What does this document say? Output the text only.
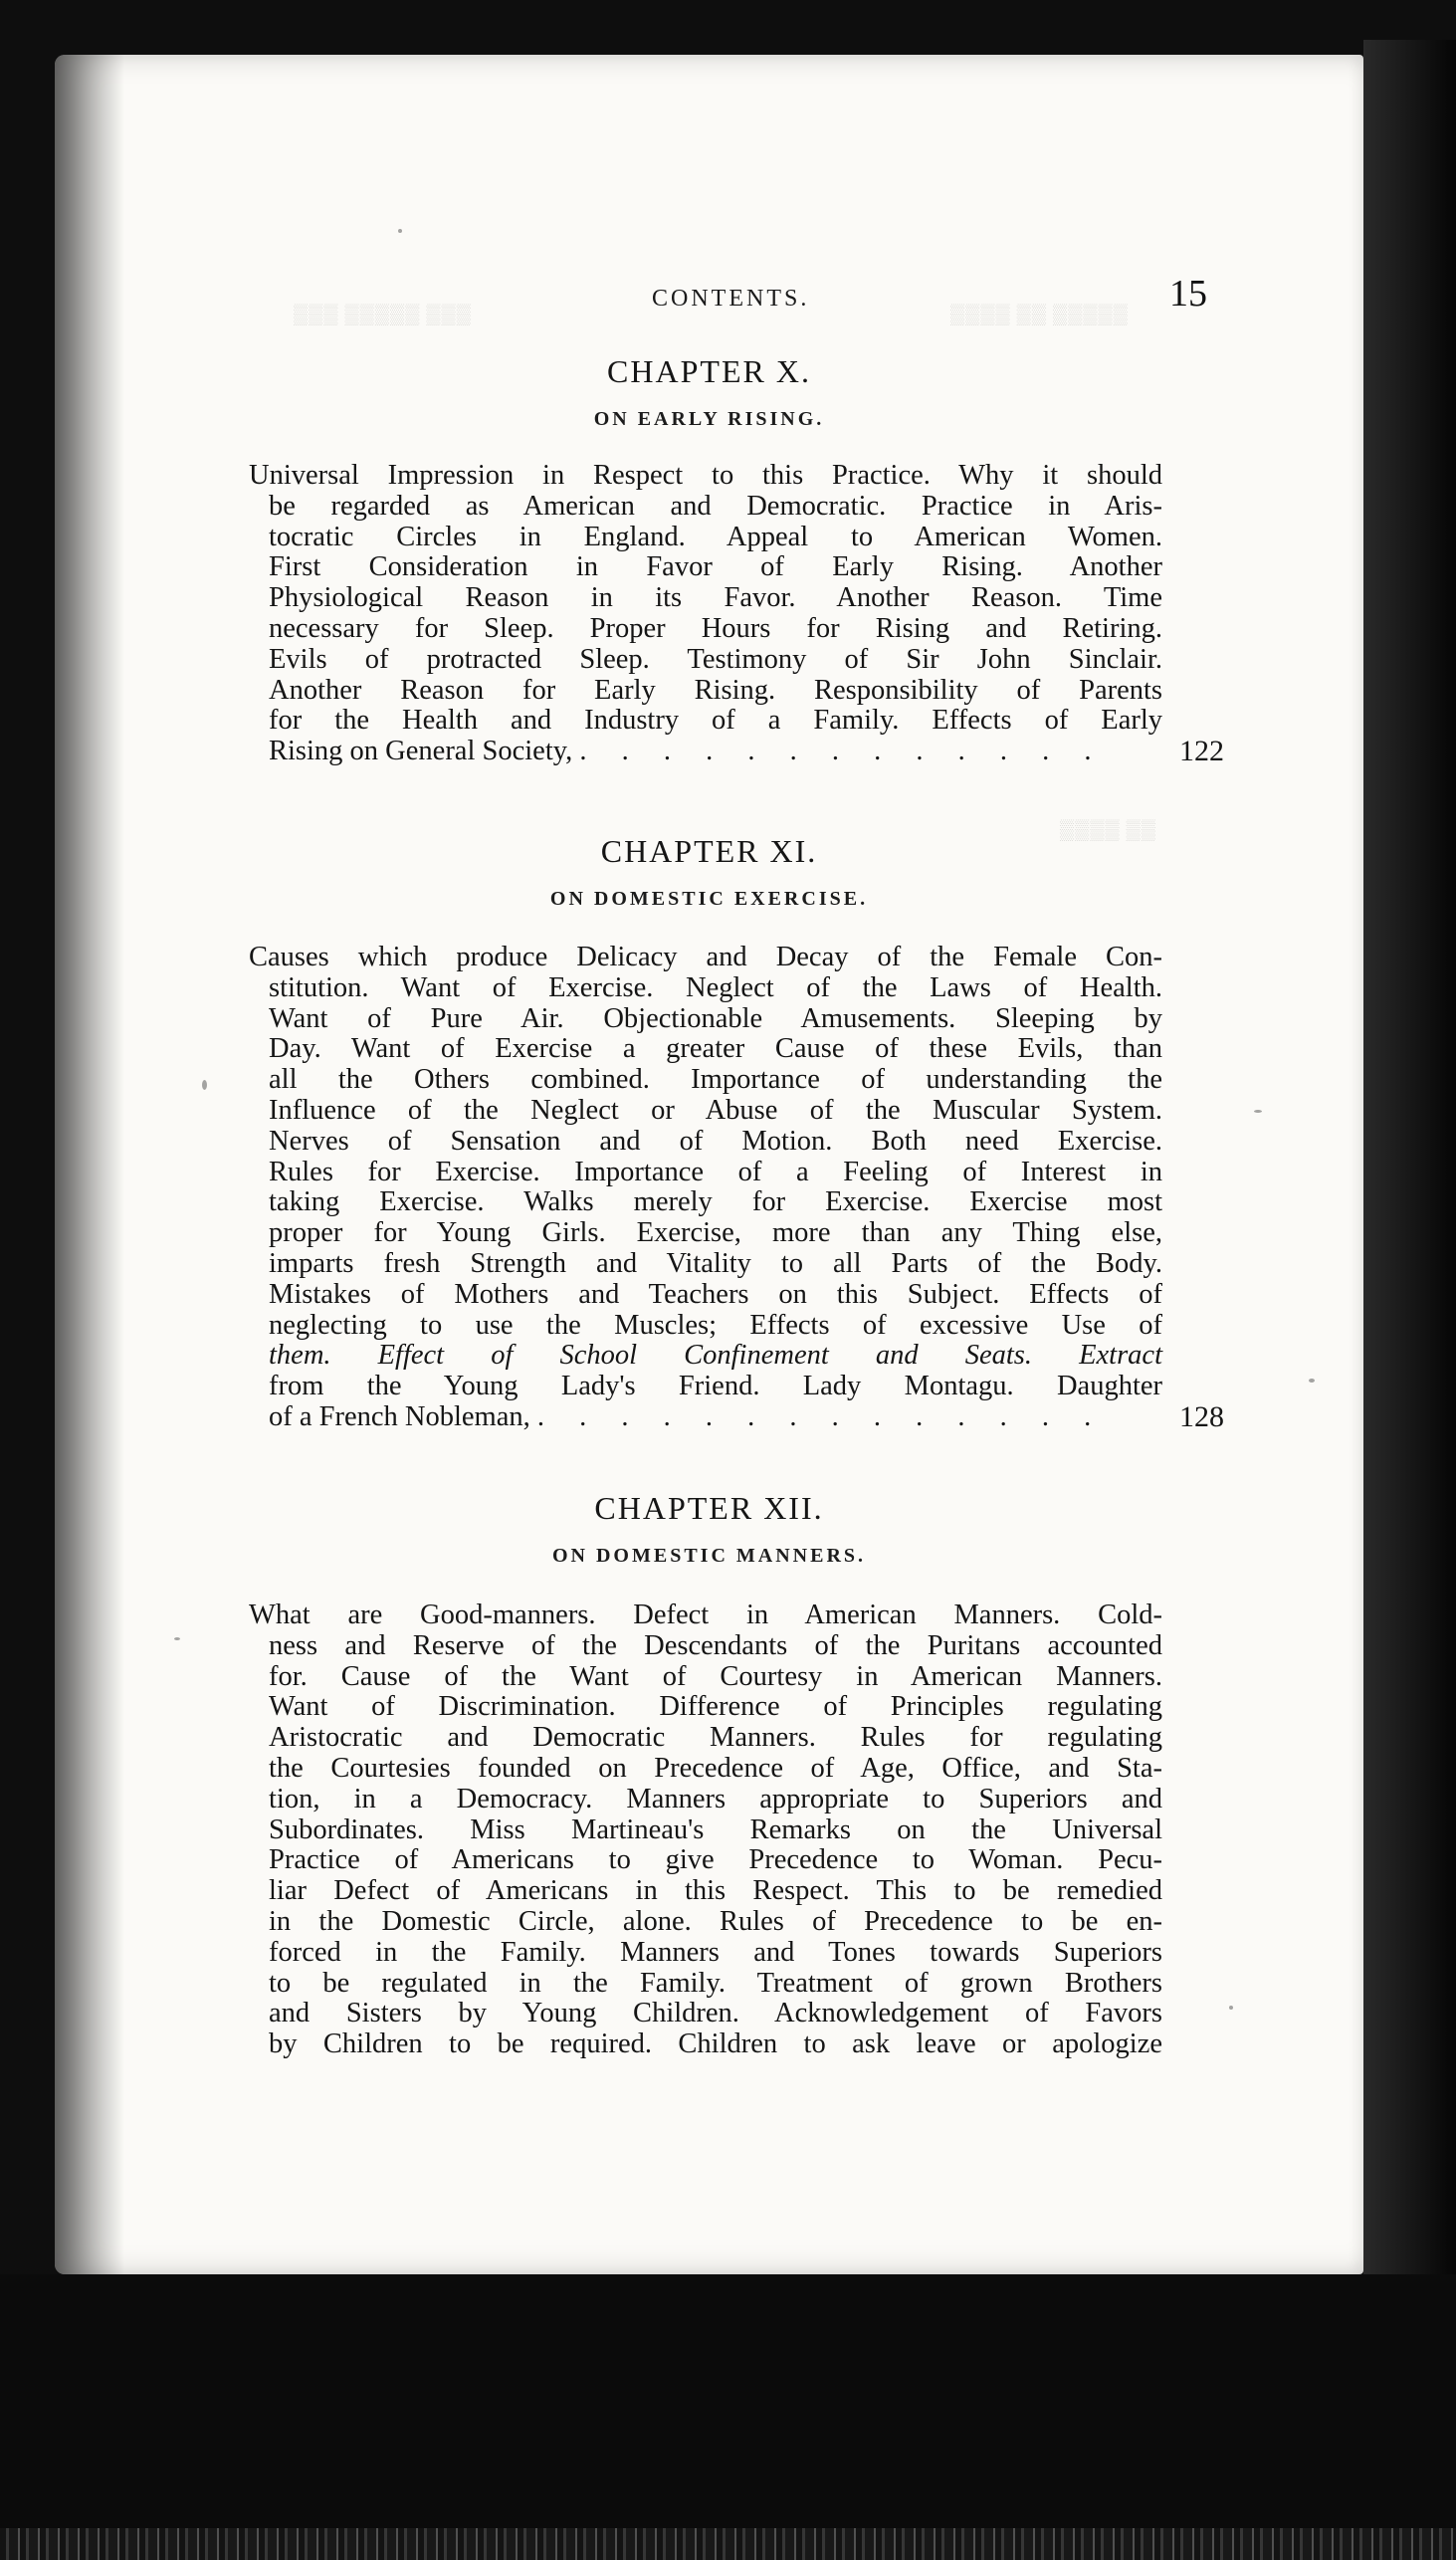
▒▒▒ ▒▒▒▒▒ ▒▒▒	▒▒▒▒ ▒▒ ▒▒▒▒▒
▒▒▒▒ ▒▒
CONTENTS.	15
CHAPTER X.
ON EARLY RISING.
Universal Impression in Respect to this Practice. Why it should
be regarded as American and Democratic. Practice in Aris-
tocratic Circles in England. Appeal to American Women.
First Consideration in Favor of Early Rising. Another
Physiological Reason in its Favor. Another Reason. Time
necessary for Sleep. Proper Hours for Rising and Retiring.
Evils of protracted Sleep. Testimony of Sir John Sinclair.
Another Reason for Early Rising. Responsibility of Parents
for the Health and Industry of a Family. Effects of Early
Rising on General Society, . . . . . . . . . . . . . 122
CHAPTER XI.
ON DOMESTIC EXERCISE.
Causes which produce Delicacy and Decay of the Female Con-
stitution. Want of Exercise. Neglect of the Laws of Health.
Want of Pure Air. Objectionable Amusements. Sleeping by
Day. Want of Exercise a greater Cause of these Evils, than
all the Others combined. Importance of understanding the
Influence of the Neglect or Abuse of the Muscular System.
Nerves of Sensation and of Motion. Both need Exercise.
Rules for Exercise. Importance of a Feeling of Interest in
taking Exercise. Walks merely for Exercise. Exercise most
proper for Young Girls. Exercise, more than any Thing else,
imparts fresh Strength and Vitality to all Parts of the Body.
Mistakes of Mothers and Teachers on this Subject. Effects of
neglecting to use the Muscles; Effects of excessive Use of
them. Effect of School Confinement and Seats. Extract
from the Young Lady's Friend. Lady Montagu. Daughter
of a French Nobleman, . . . . . . . . . . . . . . 128
CHAPTER XII.
ON DOMESTIC MANNERS.
What are Good-manners. Defect in American Manners. Cold-
ness and Reserve of the Descendants of the Puritans accounted
for. Cause of the Want of Courtesy in American Manners.
Want of Discrimination. Difference of Principles regulating
Aristocratic and Democratic Manners. Rules for regulating
the Courtesies founded on Precedence of Age, Office, and Sta-
tion, in a Democracy. Manners appropriate to Superiors and
Subordinates. Miss Martineau's Remarks on the Universal
Practice of Americans to give Precedence to Woman. Pecu-
liar Defect of Americans in this Respect. This to be remedied
in the Domestic Circle, alone. Rules of Precedence to be en-
forced in the Family. Manners and Tones towards Superiors
to be regulated in the Family. Treatment of grown Brothers
and Sisters by Young Children. Acknowledgement of Favors
by Children to be required. Children to ask leave or apologize
